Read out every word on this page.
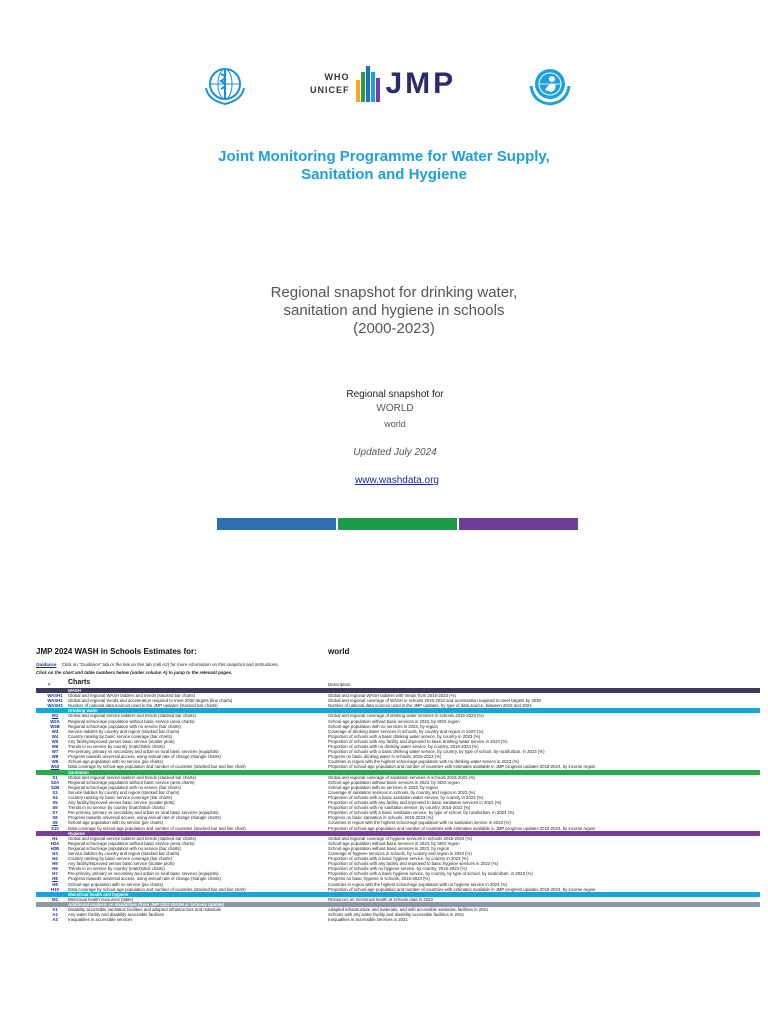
WHO
UNICEF JMP
Joint Monitoring Programme for Water Supply,
Sanitation and Hygiene
Regional snapshot for drinking water,
sanitation and hygiene in schools
(2000-2023)
Regional snapshot for
WORLD
world
Updated July 2024
www.washdata.org
JMP 2024 WASH in Schools Estimates for:	world
Guidance Click on "Guidance" tab or the link on this tab (cell A2) for more information on this snapshot and instructions.
Click on the chart and table numbers below (under column A) to jump to the relevant pages.
# Charts	Description
WASH
WASH1	Global and regional WASH ladders and trends (stacked bar charts)	Global and regional WASH ladders with trends from 2015-2023 (%)
WASH2	Global and regional trends and acceleration required to meet 2030 targets (line charts)	Global and regional coverage of WASH in schools 2015-2023 and acceleration required to meet targets by 2030
WASH3	Number of national data sources used in the JMP updates (stacked bar charts)	Number of national data sources used in the JMP updates, by type of data source, between 2018 and 2024
Drinking water
W1	Global and regional service ladders and trends (stacked bar charts)	Global and regional coverage of drinking water services in schools 2015-2023 (%)
W2A	Regional school-age population without basic service (area charts)	School-age population without basic services in 2023, by SDG region
W2B	Regional school-age population with no service (bar charts)	School-age population with no services in 2023, by region
W3	Service ladders by country and region (stacked bar charts)	Coverage of drinking water services in schools, by country and region in 2023 (%)
W4	Country ranking by basic service coverage (bar charts)	Proportion of schools with a basic drinking water service, by country in 2023 (%)
W5	Any facility/improved versus basic service (scatter plots)	Proportion of schools with any facility and improved to basic drinking water service in 2023 (%)
W6	Trends in no service by country (matchstick charts)	Proportion of schools with no drinking water service, by country, 2015-2023 (%)
W7	Pre-primary, primary vs secondary and urban vs rural basic services (equiplots)	Proportion of schools with a basic drinking water service, by country, by type of school, by rural/urban, in 2023 (%)
W8	Progress towards universal access, using annual rate of change (triangle charts)	Progress on basic drinking water in schools, 2015-2023 (%)
W9	School-age population with no service (pie charts)	Countries in region with the highest school-age population with no drinking water service in 2023 (%)
W10	Data coverage by school-age population and number of countries (stacked bar and line chart)	Proportion of school-age population and number of countries with estimates available in JMP progress updates 2018-2024, by income region
Sanitation
S1	Global and regional service ladders and trends (stacked bar charts)	Global and regional coverage of sanitation services in schools 2015-2023 (%)
S2A	Regional school-age population without basic service (area charts)	School-age population without basic services in 2023, by SDG region
S2B	Regional school-age population with no service (bar charts)	School-age population with no services in 2023, by region
S3	Service ladders by country and region (stacked bar charts)	Coverage of sanitation services in schools, by country and region in 2023 (%)
S4	Country ranking by basic service coverage (bar charts)	Proportion of schools with a basic sanitation water service, by country in 2023 (%)
S5	Any facility/improved versus basic service (scatter plots)	Proportion of schools with any facility and improved to basic sanitation services in 2023 (%)
S6	Trends in no service by country (matchstick charts)	Proportion of schools with no sanitation service, by country, 2015-2023 (%)
S7	Pre-primary, primary vs secondary and urban vs rural basic services (equiplots)	Proportion of schools with a basic sanitation service, by type of school, by rural/urban, in 2023 (%)
S8	Progress towards universal access, using annual rate of change (triangle charts)	Progress on basic sanitation in schools, 2015-2023 (%)
S9	School-age population with no service (pie charts)	Countries in region with the highest school-age population with no sanitation service in 2023 (%)
S10	Data coverage by school-age population and number of countries (stacked bar and line chart)	Proportion of school-age population and number of countries with estimates available in JMP progress updates 2018-2024, by income region
Hygiene
H1	Global and regional service ladders and trends (stacked bar charts)	Global and regional coverage of hygiene services in schools 2015-2023 (%)
H2A	Regional school-age population without basic service (area charts)	School-age population without basic services in 2023, by SDG region
H2B	Regional school-age population with no service (bar charts)	School-age population without basic services in 2023, by region
H3	Service ladders by country and region (stacked bar charts)	Coverage of hygiene services in schools, by country and region in 2023 (%)
H4	Country ranking by basic service coverage (bar charts)	Proportion of schools with a basic hygiene service, by country in 2023 (%)
H5	Any facility/improved versus basic service (scatter plots)	Proportion of schools with any facility and improved to basic hygiene services in 2023 (%)
H6	Trends in no service by country (matchstick charts)	Proportion of schools with no hygiene service, by country, 2015-2023 (%)
H7	Pre-primary, primary vs secondary and urban vs rural basic services (equiplots)	Proportion of schools with a basic hygiene service, by country, by type of school, by rural/urban, in 2023 (%)
H8	Progress towards universal access, using annual rate of change (triangle charts)	Progress on basic hygiene in schools, 2015-2023 (%)
H9	School-age population with no service (pie charts)	Countries in region with the highest school-age population with no hygiene service in 2023 (%)
H10	Data coverage by school-age population and number of countries (stacked bar and line chart)	Proportion of school-age population and number of countries with estimates available in JMP progress updates 2018-2024, by income region
Menstrual health and hygiene
M1	Menstrual health resources (table)	Resources on menstrual health at schools data in 2023
Additional analysis on disabilities (from JMP 2022 WASH in Schools Update)
A1	Disability accessible sanitation facilities and adapted infrastructure and materials	Adapted infrastructure and materials, and with accessible sanitation facilities in 2021
A2	Any water facility and disability accessible facilities	Schools with any water facility and disability accessible facilities in 2021
A3	Inequalities in accessible services	Inequalities in accessible services in 2021
